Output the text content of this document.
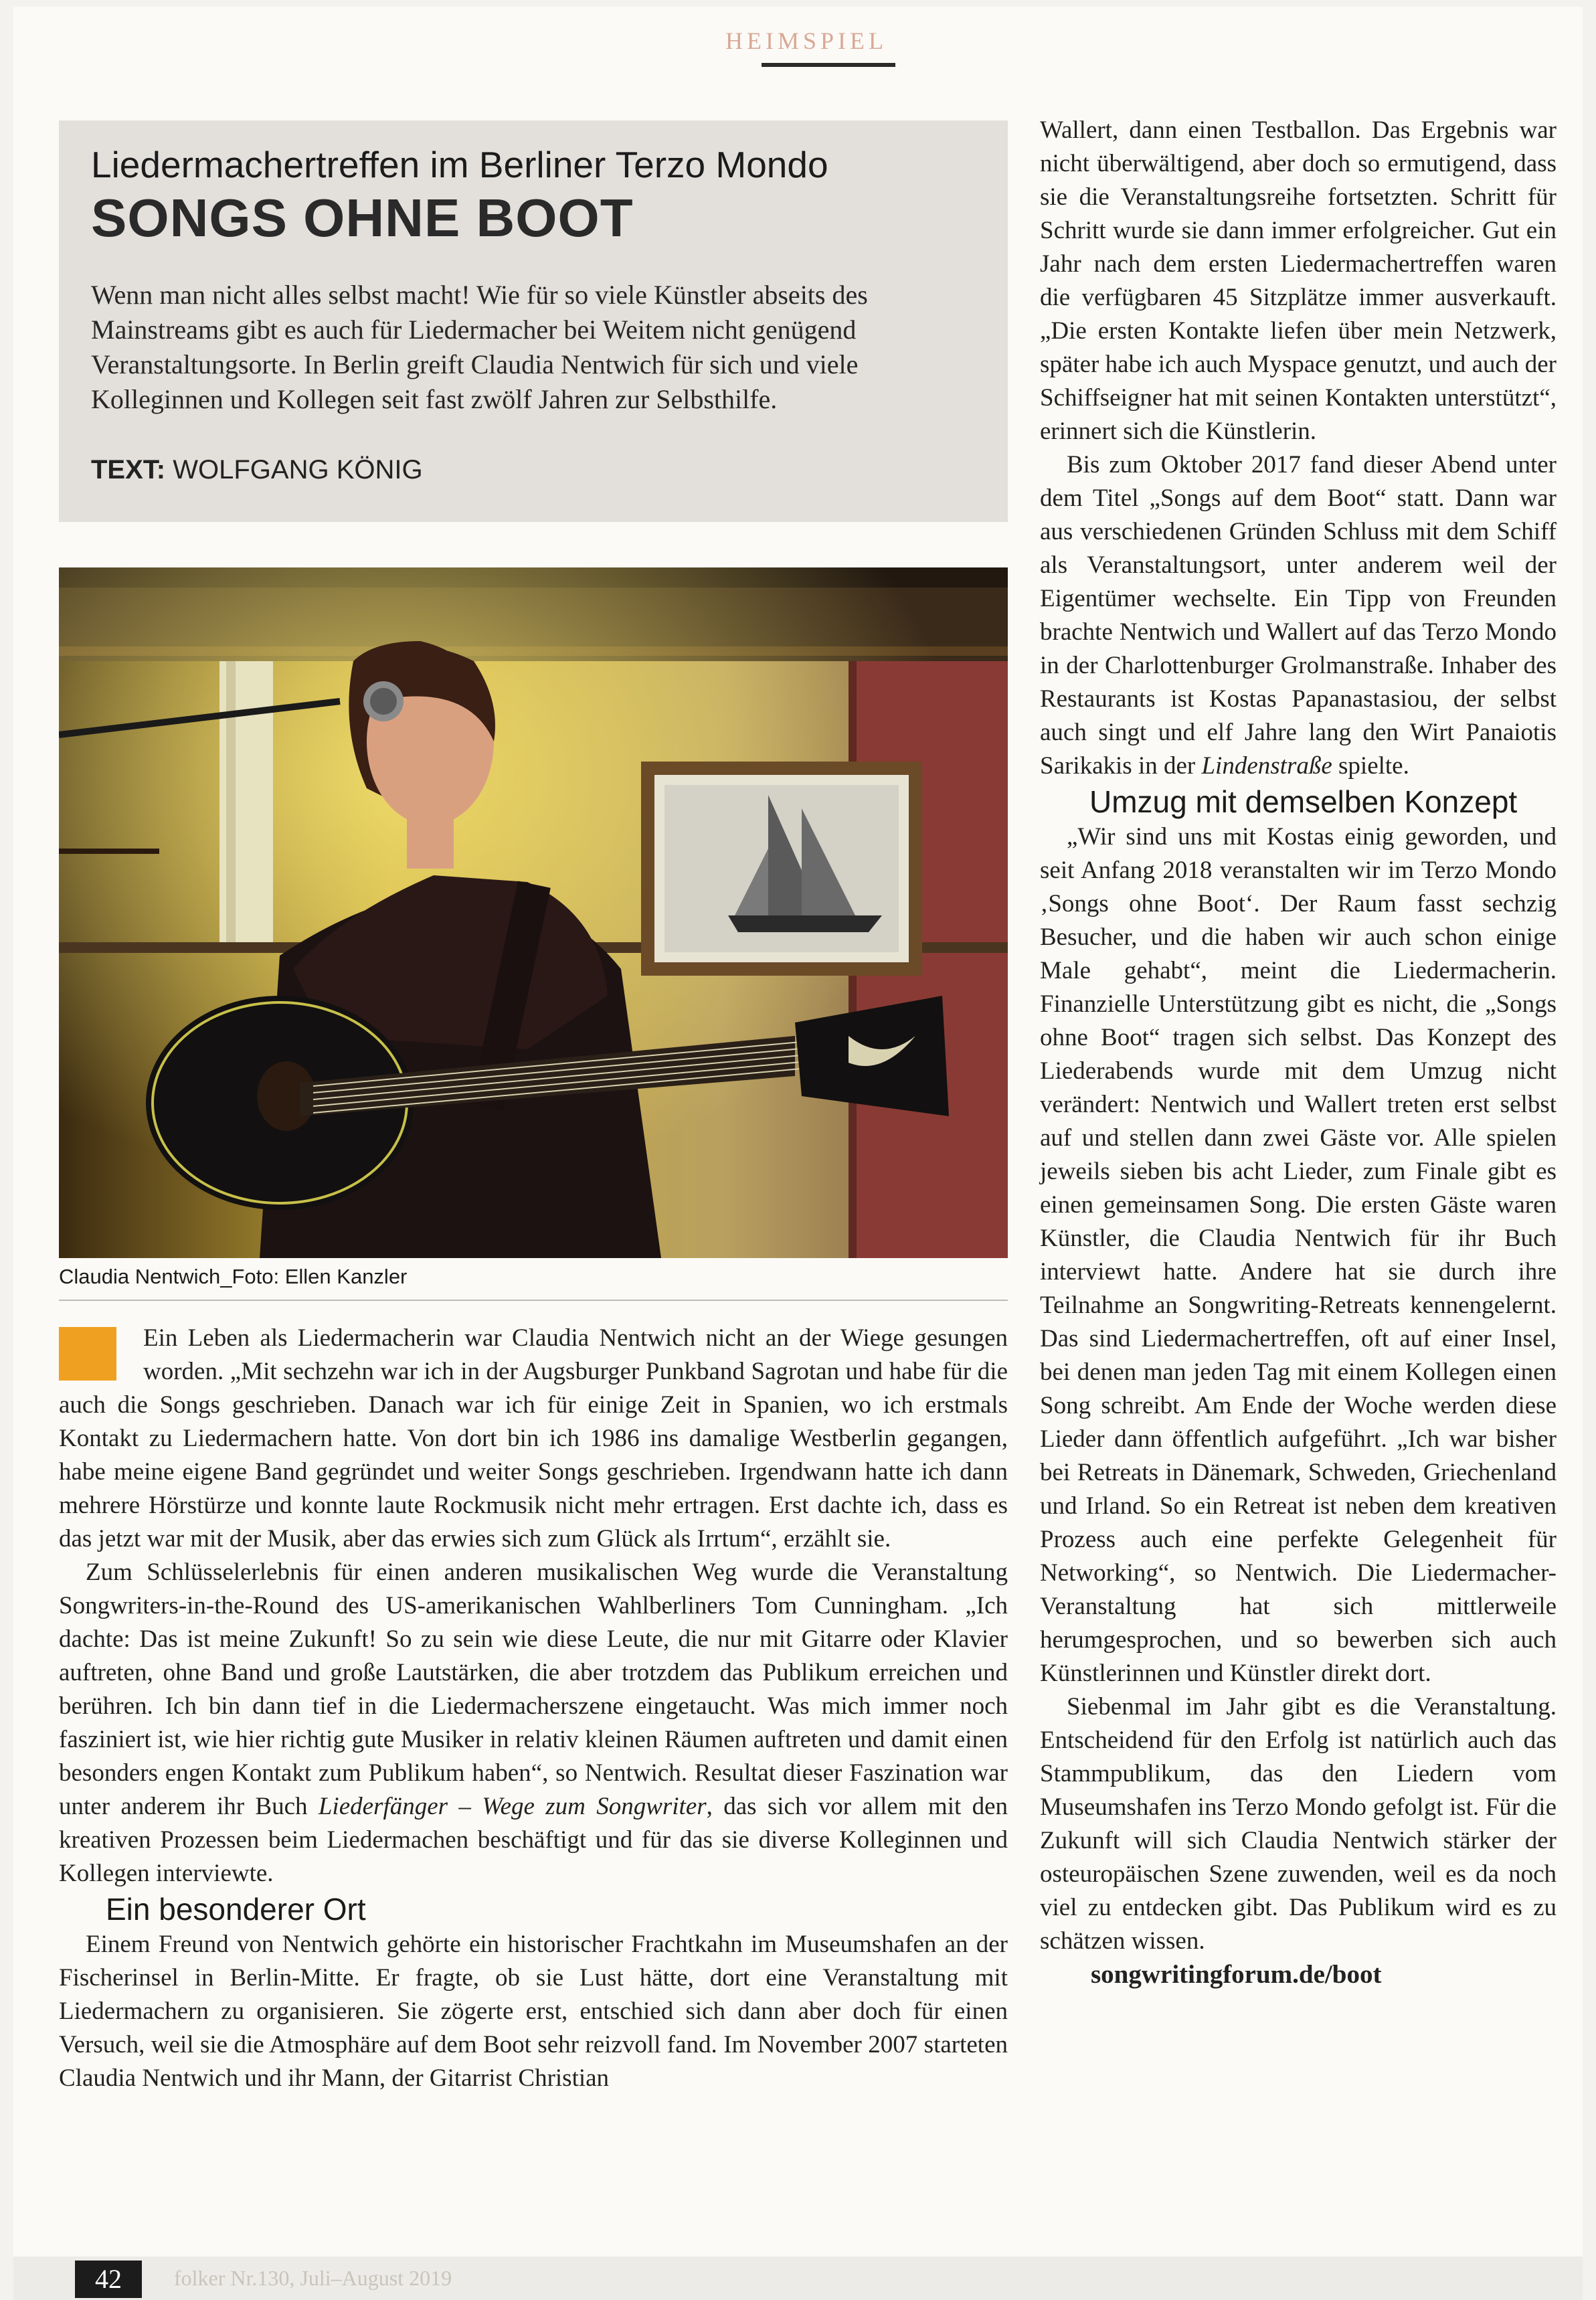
HEIMSPIEL
Liedermachertreffen im Berliner Terzo Mondo
SONGS OHNE BOOT
Wenn man nicht alles selbst macht! Wie für so viele Künstler abseits des Mainstreams gibt es auch für Liedermacher bei Weitem nicht genügend Veranstaltungsorte. In Berlin greift Claudia Nentwich für sich und viele Kolleginnen und Kollegen seit fast zwölf Jahren zur Selbsthilfe.
TEXT: WOLFGANG KÖNIG
Claudia Nentwich_Foto: Ellen Kanzler

Ein Leben als Liedermacherin war Claudia Nentwich nicht an der Wiege gesungen worden. „Mit sechzehn war ich in der Augsburger Punkband Sagrotan und habe für die auch die Songs geschrieben. Danach war ich für einige Zeit in Spanien, wo ich erstmals Kontakt zu Liedermachern hatte. Von dort bin ich 1986 ins damalige Westberlin gegangen, habe meine eigene Band gegründet und weiter Songs geschrieben. Irgendwann hatte ich dann mehrere Hörstürze und konnte laute Rockmusik nicht mehr ertragen. Erst dachte ich, dass es das jetzt war mit der Musik, aber das erwies sich zum Glück als Irrtum“, erzählt sie.

Zum Schlüsselerlebnis für einen anderen musikalischen Weg wurde die Veranstaltung Songwriters-in-the-Round des US-amerikanischen Wahlberliners Tom Cunningham. „Ich dachte: Das ist meine Zukunft! So zu sein wie diese Leute, die nur mit Gitarre oder Klavier auftreten, ohne Band und große Lautstärken, die aber trotzdem das Publikum erreichen und berühren. Ich bin dann tief in die Liedermacherszene eingetaucht. Was mich immer noch fasziniert ist, wie hier richtig gute Musiker in relativ kleinen Räumen auftreten und damit einen besonders engen Kontakt zum Publikum haben“, so Nentwich. Resultat dieser Faszination war unter anderem ihr Buch Liederfänger – Wege zum Songwriter, das sich vor allem mit den kreativen Prozessen beim Liedermachen beschäftigt und für das sie diverse Kolleginnen und Kollegen interviewte.

Ein besonderer Ort

Einem Freund von Nentwich gehörte ein historischer Frachtkahn im Museumshafen an der Fischerinsel in Berlin-Mitte. Er fragte, ob sie Lust hätte, dort eine Veranstaltung mit Liedermachern zu organisieren. Sie zögerte erst, entschied sich dann aber doch für einen Versuch, weil sie die Atmosphäre auf dem Boot sehr reizvoll fand. Im November 2007 starteten Claudia Nentwich und ihr Mann, der Gitarrist Christian

Wallert, dann einen Testballon. Das Ergebnis war nicht überwältigend, aber doch so ermutigend, dass sie die Veranstaltungsreihe fortsetzten. Schritt für Schritt wurde sie dann immer erfolgreicher. Gut ein Jahr nach dem ersten Liedermachertreffen waren die verfügbaren 45 Sitzplätze immer ausverkauft. „Die ersten Kontakte liefen über mein Netzwerk, später habe ich auch Myspace genutzt, und auch der Schiffseigner hat mit seinen Kontakten unterstützt“, erinnert sich die Künstlerin.

Bis zum Oktober 2017 fand dieser Abend unter dem Titel „Songs auf dem Boot“ statt. Dann war aus verschiedenen Gründen Schluss mit dem Schiff als Veranstaltungsort, unter anderem weil der Eigentümer wechselte. Ein Tipp von Freunden brachte Nentwich und Wallert auf das Terzo Mondo in der Charlottenburger Grolmanstraße. Inhaber des Restaurants ist Kostas Papanastasiou, der selbst auch singt und elf Jahre lang den Wirt Panaiotis Sarikakis in der Lindenstraße spielte.

Umzug mit demselben Konzept

„Wir sind uns mit Kostas einig geworden, und seit Anfang 2018 veranstalten wir im Terzo Mondo ‚Songs ohne Boot‘. Der Raum fasst sechzig Besucher, und die haben wir auch schon einige Male gehabt“, meint die Liedermacherin. Finanzielle Unterstützung gibt es nicht, die „Songs ohne Boot“ tragen sich selbst. Das Konzept des Liederabends wurde mit dem Umzug nicht verändert: Nentwich und Wallert treten erst selbst auf und stellen dann zwei Gäste vor. Alle spielen jeweils sieben bis acht Lieder, zum Finale gibt es einen gemeinsamen Song. Die ersten Gäste waren Künstler, die Claudia Nentwich für ihr Buch interviewt hatte. Andere hat sie durch ihre Teilnahme an Songwriting-Retreats kennengelernt. Das sind Liedermachertreffen, oft auf einer Insel, bei denen man jeden Tag mit einem Kollegen einen Song schreibt. Am Ende der Woche werden diese Lieder dann öffentlich aufgeführt. „Ich war bisher bei Retreats in Dänemark, Schweden, Griechenland und Irland. So ein Retreat ist neben dem kreativen Prozess auch eine perfekte Gelegenheit für Networking“, so Nentwich. Die Liedermacher-Veranstaltung hat sich mittlerweile herumgesprochen, und so bewerben sich auch Künstlerinnen und Künstler direkt dort.

Siebenmal im Jahr gibt es die Veranstaltung. Entscheidend für den Erfolg ist natürlich auch das Stammpublikum, das den Liedern vom Museumshafen ins Terzo Mondo gefolgt ist. Für die Zukunft will sich Claudia Nentwich stärker der osteuropäischen Szene zuwenden, weil es da noch viel zu entdecken gibt. Das Publikum wird es zu schätzen wissen.

songwritingforum.de/boot

42	folker Nr.130, Juli–August 2019
